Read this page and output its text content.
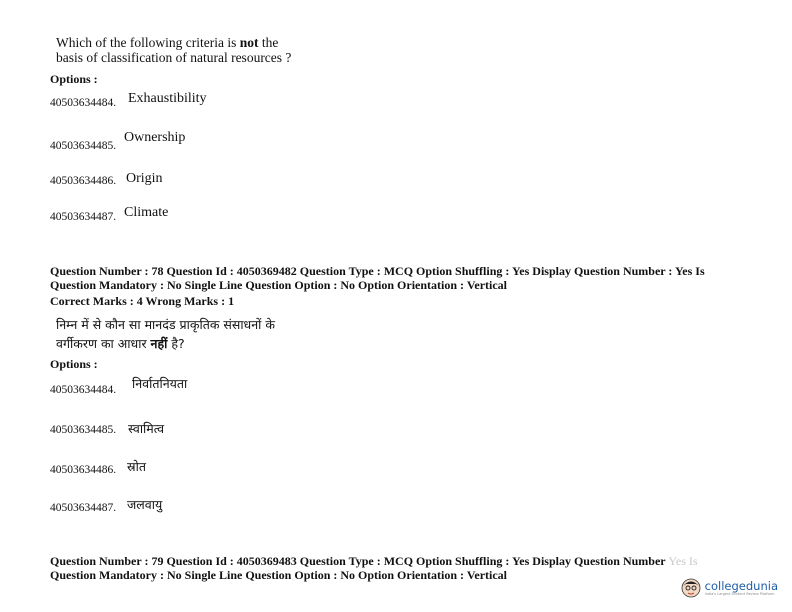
Which of the following criteria is not the
basis of classification of natural resources ?
Options :
40503634484. Exhaustibility
40503634485.
Ownership
40503634486. Origin
40503634487. Climate
Question Number : 78 Question Id : 4050369482 Question Type : MCQ Option Shuffling : Yes Display Question Number : Yes Is
Question Mandatory : No Single Line Question Option : No Option Orientation : Vertical
Correct Marks : 4 Wrong Marks : 1
निम्न में से कौन सा मानदंड प्राकृतिक संसाधनों के
वर्गीकरण का आधार नहीं है?
Options :
40503634484. निर्वातनियता
40503634485. स्वामित्व
40503634486. स्रोत
40503634487. जलवायु
Question Number : 79 Question Id : 4050369483 Question Type : MCQ Option Shuffling : Yes Display Question Number Yes Is
Question Mandatory : No Single Line Question Option : No Option Orientation : Vertical
collegedunia
India's Largest Student Review Platform
